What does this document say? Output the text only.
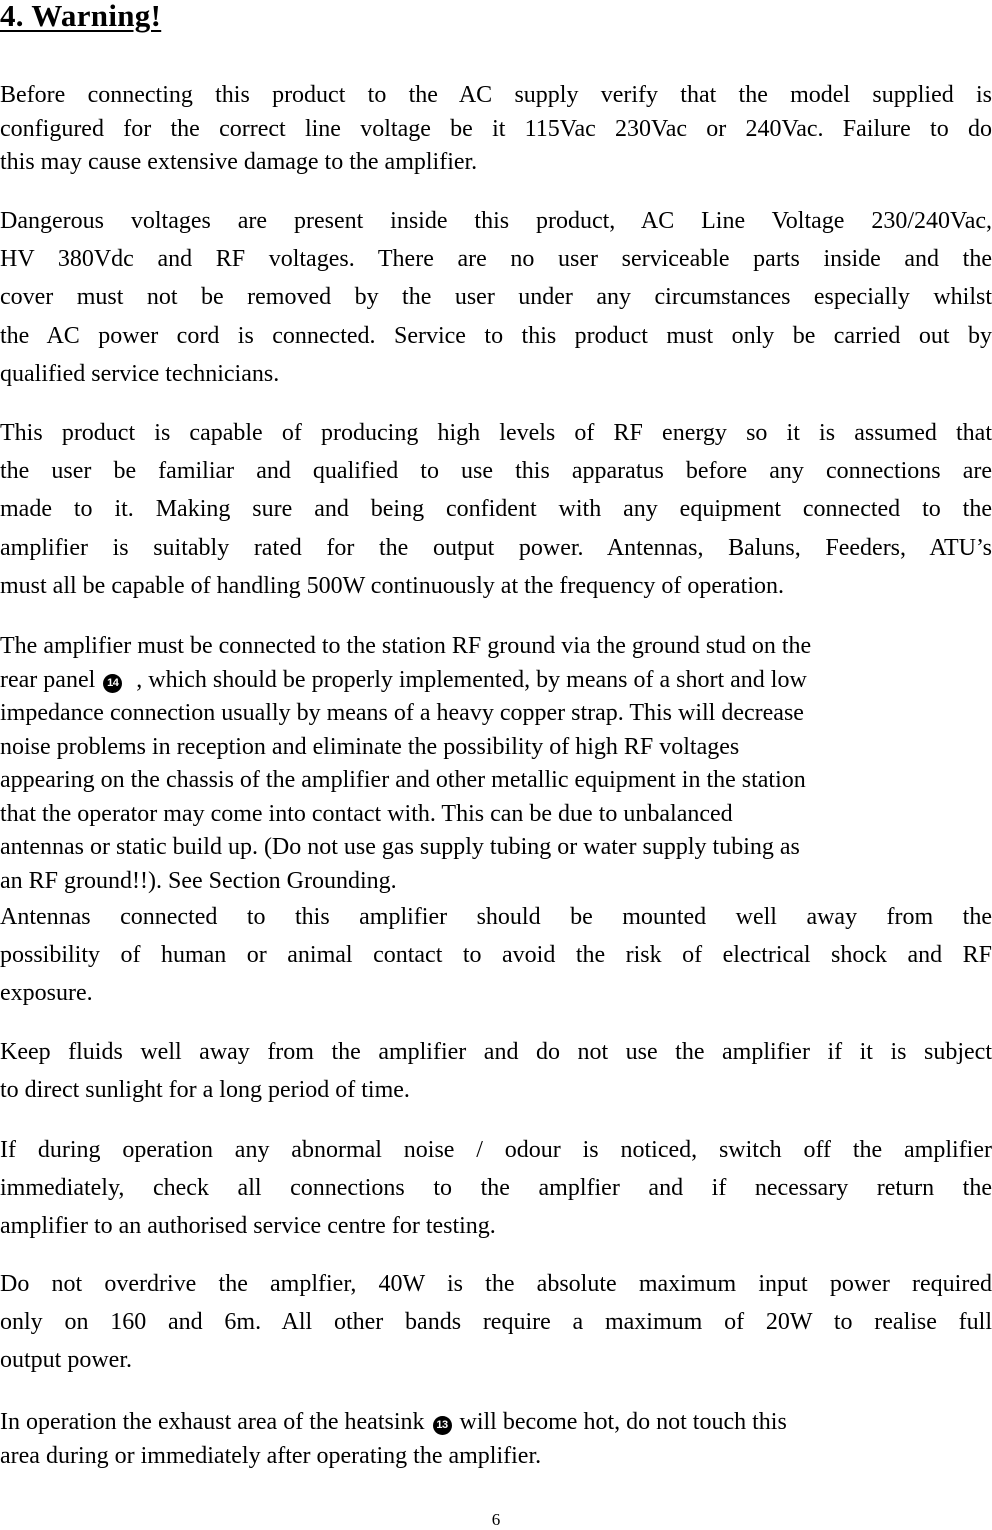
4. Warning!

Before connecting this product to the AC supply verify that the model supplied is
configured for the correct line voltage be it 115Vac 230Vac or 240Vac. Failure to do
this may cause extensive damage to the amplifier.

Dangerous voltages are present inside this product, AC Line Voltage 230/240Vac,
HV 380Vdc and RF voltages. There are no user serviceable parts inside and the
cover must not be removed by the user under any circumstances especially whilst
the AC power cord is connected. Service to this product must only be carried out by
qualified service technicians.

This product is capable of producing high levels of RF energy so it is assumed that
the user be familiar and qualified to use this apparatus before any connections are
made to it. Making sure and being confident with any equipment connected to the
amplifier is suitably rated for the output power. Antennas, Baluns, Feeders, ATU’s
must all be capable of handling 500W continuously at the frequency of operation.

The amplifier must be connected to the station RF ground via the ground stud on the
rear panel 14 , which should be properly implemented, by means of a short and low
impedance connection usually by means of a heavy copper strap. This will decrease
noise problems in reception and eliminate the possibility of high RF voltages
appearing on the chassis of the amplifier and other metallic equipment in the station
that the operator may come into contact with. This can be due to unbalanced
antennas or static build up. (Do not use gas supply tubing or water supply tubing as
an RF ground!!). See Section Grounding.

Antennas connected to this amplifier should be mounted well away from the
possibility of human or animal contact to avoid the risk of electrical shock and RF
exposure.

Keep fluids well away from the amplifier and do not use the amplifier if it is subject
to direct sunlight for a long period of time.

If during operation any abnormal noise / odour is noticed, switch off the amplifier
immediately, check all connections to the amplfier and if necessary return the
amplifier to an authorised service centre for testing.

Do not overdrive the amplfier, 40W is the absolute maximum input power required
only on 160 and 6m. All other bands require a maximum of 20W to realise full
output power.

In operation the exhaust area of the heatsink 13 will become hot, do not touch this
area during or immediately after operating the amplifier.

6
